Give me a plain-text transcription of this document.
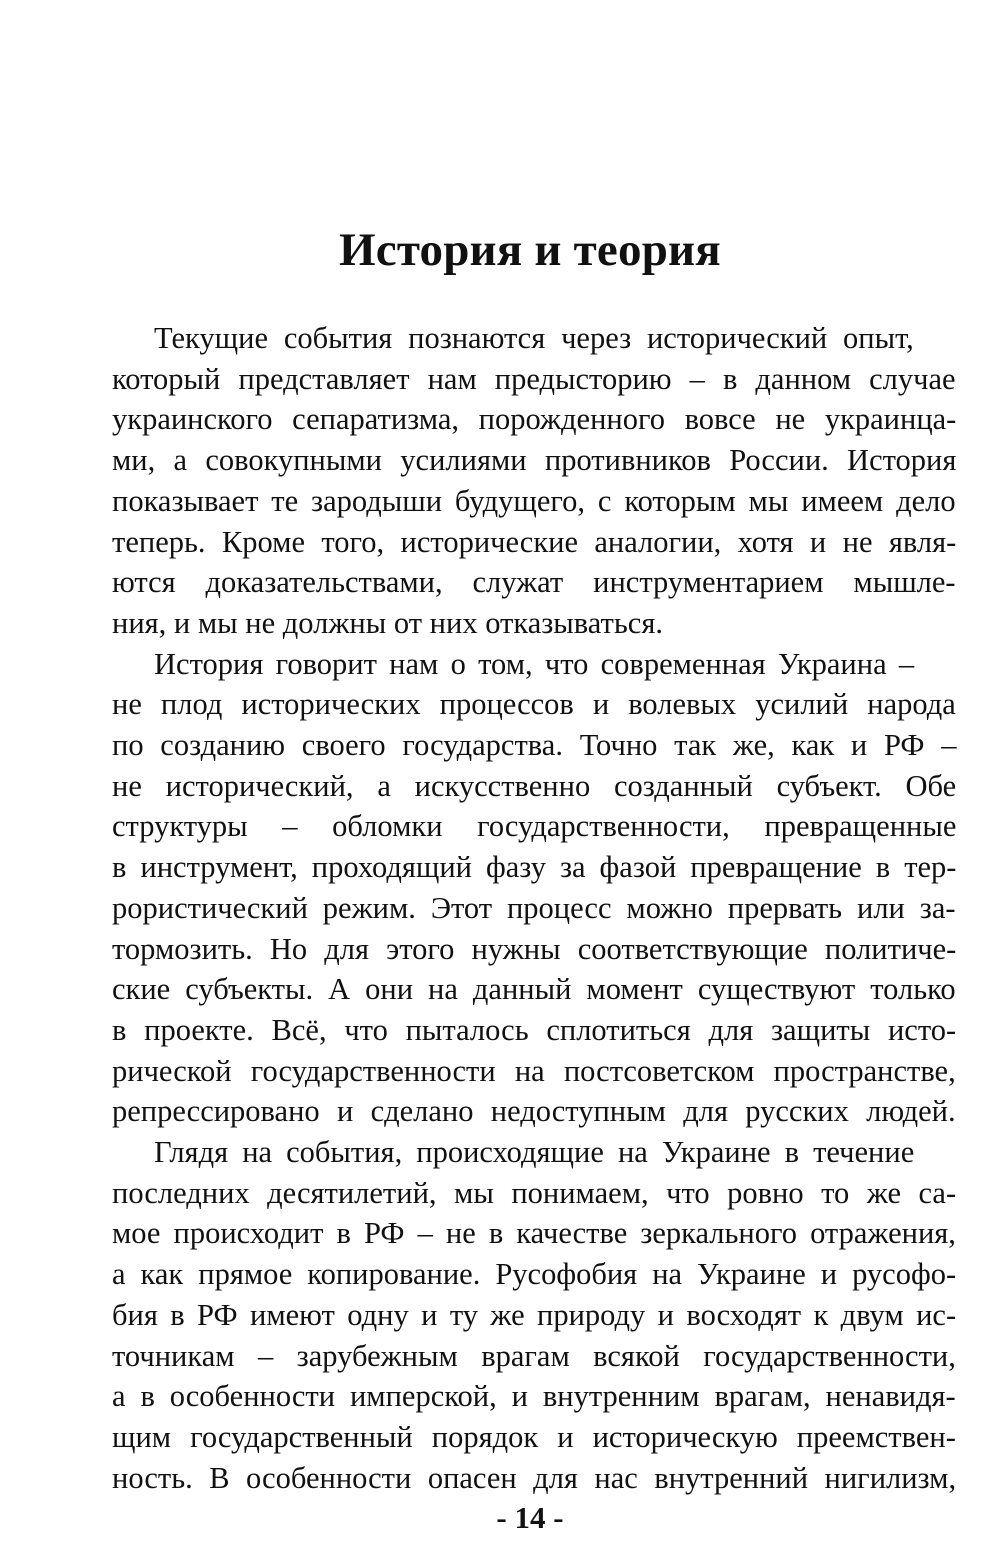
История и теория

Текущие события познаются через исторический опыт,
который представляет нам предысторию – в данном случае
украинского сепаратизма, порожденного вовсе не украинца-
ми, а совокупными усилиями противников России. История
показывает те зародыши будущего, с которым мы имеем дело
теперь. Кроме того, исторические аналогии, хотя и не явля-
ются доказательствами, служат инструментарием мышле-
ния, и мы не должны от них отказываться.

История говорит нам о том, что современная Украина –
не плод исторических процессов и волевых усилий народа
по созданию своего государства. Точно так же, как и РФ –
не исторический, а искусственно созданный субъект. Обе
структуры – обломки государственности, превращенные
в инструмент, проходящий фазу за фазой превращение в тер-
рористический режим. Этот процесс можно прервать или за-
тормозить. Но для этого нужны соответствующие политиче-
ские субъекты. А они на данный момент существуют только
в проекте. Всё, что пыталось сплотиться для защиты исто-
рической государственности на постсоветском пространстве,
репрессировано и сделано недоступным для русских людей.

Глядя на события, происходящие на Украине в течение
последних десятилетий, мы понимаем, что ровно то же са-
мое происходит в РФ – не в качестве зеркального отражения,
а как прямое копирование. Русофобия на Украине и русофо-
бия в РФ имеют одну и ту же природу и восходят к двум ис-
точникам – зарубежным врагам всякой государственности,
а в особенности имперской, и внутренним врагам, ненавидя-
щим государственный порядок и историческую преемствен-
ность. В особенности опасен для нас внутренний нигилизм,

- 14 -
